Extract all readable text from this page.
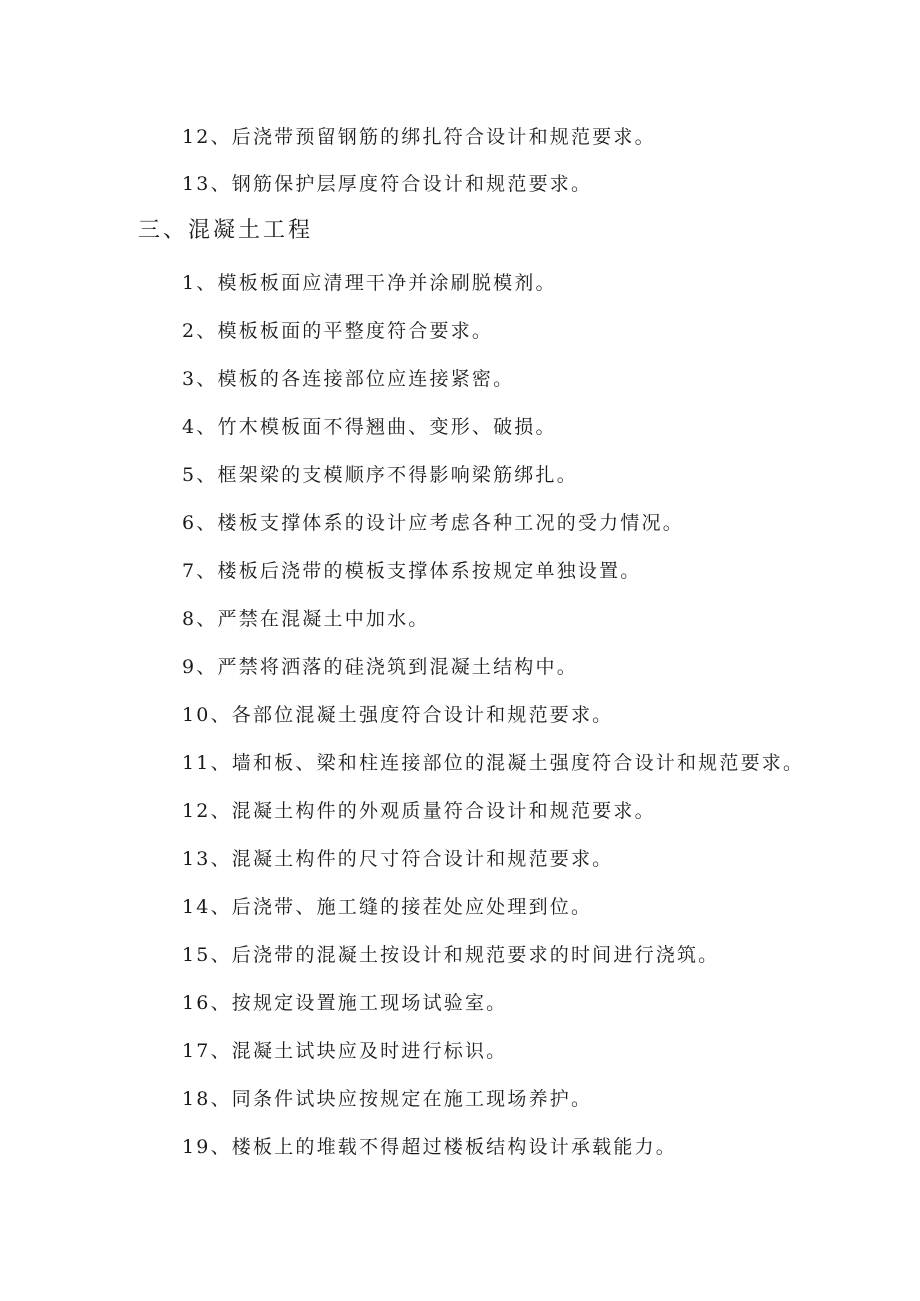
12、后浇带预留钢筋的绑扎符合设计和规范要求。
13、钢筋保护层厚度符合设计和规范要求。
三、混凝土工程
1、模板板面应清理干净并涂刷脱模剂。
2、模板板面的平整度符合要求。
3、模板的各连接部位应连接紧密。
4、竹木模板面不得翘曲、变形、破损。
5、框架梁的支模顺序不得影响梁筋绑扎。
6、楼板支撑体系的设计应考虑各种工况的受力情况。
7、楼板后浇带的模板支撑体系按规定单独设置。
8、严禁在混凝土中加水。
9、严禁将洒落的硅浇筑到混凝土结构中。
10、各部位混凝土强度符合设计和规范要求。
11、墙和板、梁和柱连接部位的混凝土强度符合设计和规范要求。
12、混凝土构件的外观质量符合设计和规范要求。
13、混凝土构件的尺寸符合设计和规范要求。
14、后浇带、施工缝的接茬处应处理到位。
15、后浇带的混凝土按设计和规范要求的时间进行浇筑。
16、按规定设置施工现场试验室。
17、混凝土试块应及时进行标识。
18、同条件试块应按规定在施工现场养护。
19、楼板上的堆载不得超过楼板结构设计承载能力。
